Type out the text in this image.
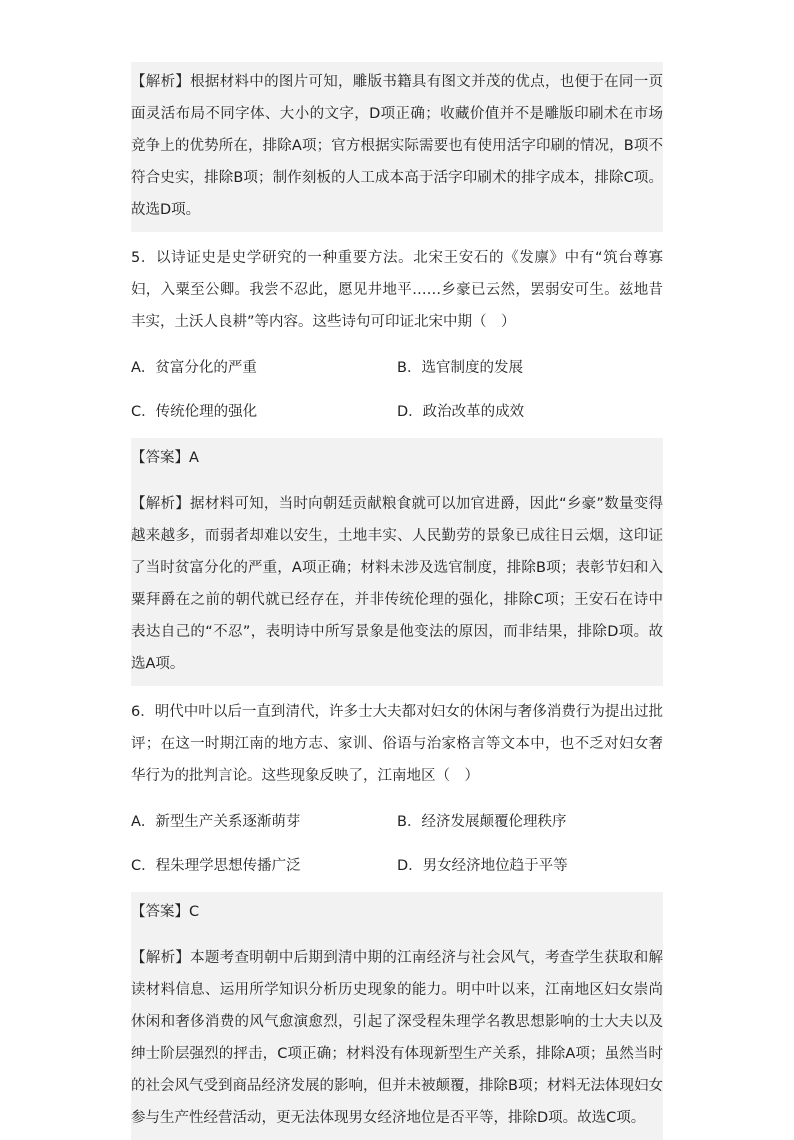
【解析】根据材料中的图片可知，雕版书籍具有图文并茂的优点，也便于在同一页面灵活布局不同字体、大小的文字，D项正确；收藏价值并不是雕版印刷术在市场竞争上的优势所在，排除A项；官方根据实际需要也有使用活字印刷的情况，B项不符合史实，排除B项；制作刻板的人工成本高于活字印刷术的排字成本，排除C项。故选D项。

5．以诗证史是史学研究的一种重要方法。北宋王安石的《发廪》中有“筑台尊寡妇，入粟至公卿。我尝不忍此，愿见井地平……乡豪已云然，罢弱安可生。兹地昔丰实，土沃人良耕”等内容。这些诗句可印证北宋中期（　）

A．贫富分化的严重	B．选官制度的发展
C．传统伦理的强化	D．政治改革的成效

【答案】A

【解析】据材料可知，当时向朝廷贡献粮食就可以加官进爵，因此“乡豪”数量变得越来越多，而弱者却难以安生，土地丰实、人民勤劳的景象已成往日云烟，这印证了当时贫富分化的严重，A项正确；材料未涉及选官制度，排除B项；表彰节妇和入粟拜爵在之前的朝代就已经存在，并非传统伦理的强化，排除C项；王安石在诗中表达自己的“不忍”，表明诗中所写景象是他变法的原因，而非结果，排除D项。故选A项。

6．明代中叶以后一直到清代，许多士大夫都对妇女的休闲与奢侈消费行为提出过批评；在这一时期江南的地方志、家训、俗语与治家格言等文本中，也不乏对妇女奢华行为的批判言论。这些现象反映了，江南地区（　）

A．新型生产关系逐渐萌芽	B．经济发展颠覆伦理秩序
C．程朱理学思想传播广泛	D．男女经济地位趋于平等

【答案】C

【解析】本题考查明朝中后期到清中期的江南经济与社会风气，考查学生获取和解读材料信息、运用所学知识分析历史现象的能力。明中叶以来，江南地区妇女崇尚休闲和奢侈消费的风气愈演愈烈，引起了深受程朱理学名教思想影响的士大夫以及绅士阶层强烈的抨击，C项正确；材料没有体现新型生产关系，排除A项；虽然当时的社会风气受到商品经济发展的影响，但并未被颠覆，排除B项；材料无法体现妇女参与生产性经营活动，更无法体现男女经济地位是否平等，排除D项。故选C项。
